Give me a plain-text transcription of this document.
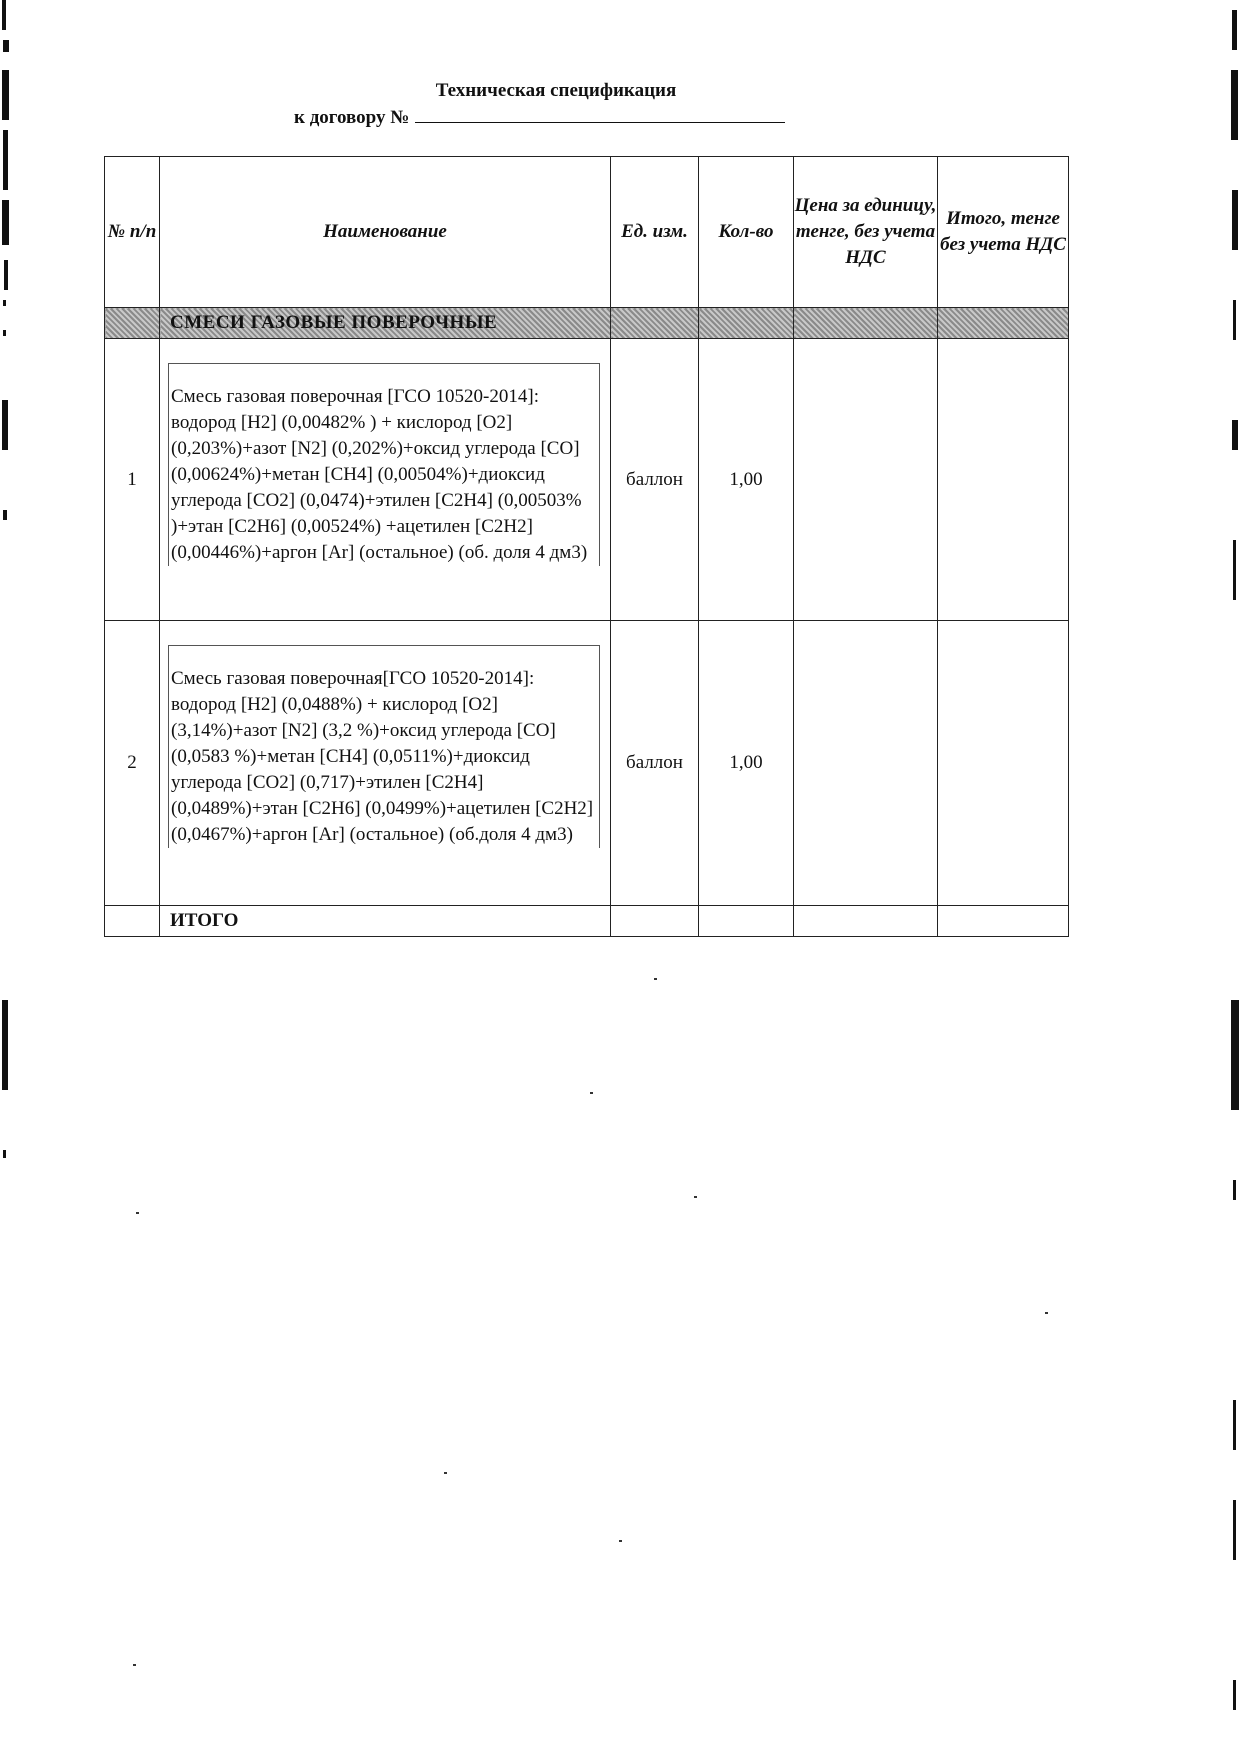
Техническая спецификация
к договору №
№ п/п	Наименование	Ед. изм.	Кол-во	Цена за единицу, тенге, без учета НДС	Итого, тенге без учета НДС
	СМЕСИ ГАЗОВЫЕ ПОВЕРОЧНЫЕ				
1	Смесь газовая поверочная [ГСО 10520-2014]: водород [Н2] (0,00482% ) + кислород [О2] (0,203%)+азот [N2] (0,202%)+оксид углерода [СО] (0,00624%)+метан [СН4] (0,00504%)+диоксид углерода [СО2] (0,0474)+этилен [С2Н4] (0,00503% )+этан [С2Н6] (0,00524%) +ацетилен [С2Н2] (0,00446%)+аргон [Аr] (остальное) (об. доля 4 дм3)	баллон	1,00		
2	Смесь газовая поверочная[ГСО 10520-2014]: водород [Н2] (0,0488%) + кислород [О2] (3,14%)+азот [N2] (3,2 %)+оксид углерода [СО] (0,0583 %)+метан [СН4] (0,0511%)+диоксид углерода [СО2] (0,717)+этилен [С2Н4] (0,0489%)+этан [С2Н6] (0,0499%)+ацетилен [С2Н2] (0,0467%)+аргон [Аr] (остальное) (об.доля 4 дм3)	баллон	1,00		
	ИТОГО				
